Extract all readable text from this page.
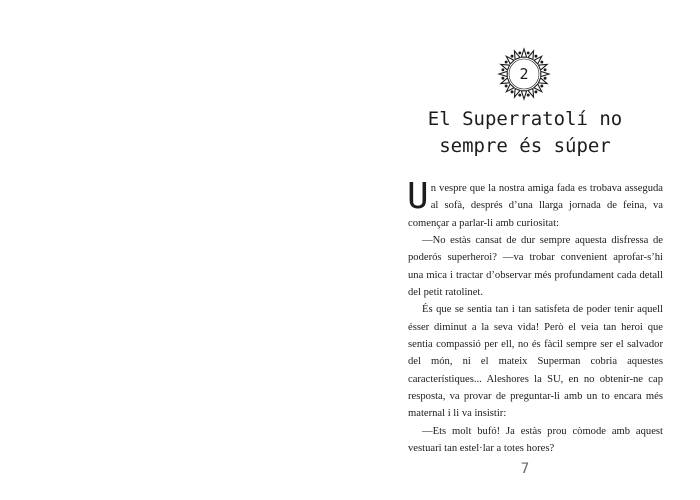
2
El Superratolí no
sempre és súper

Un vespre que la nostra amiga fada es trobava asseguda al sofà, després d’una llarga jornada de feina, va començar a parlar-li amb curiositat:

—No estàs cansat de dur sempre aquesta disfressa de poderós superheroi? —va trobar convenient aprofar-s’hi una mica i tractar d’observar més profundament cada detall del petit ratolinet.

És que se sentia tan i tan satisfeta de poder tenir aquell ésser diminut a la seva vida! Però el veia tan heroi que sentia compassió per ell, no és fàcil sempre ser el salvador del món, ni el mateix Superman cobria aquestes característiques... Aleshores la SU, en no obtenir-ne cap resposta, va provar de preguntar-li amb un to encara més maternal i li va insistir:

—Ets molt bufó! Ja estàs prou còmode amb aquest vestuari tan estel·lar a totes hores?

7
